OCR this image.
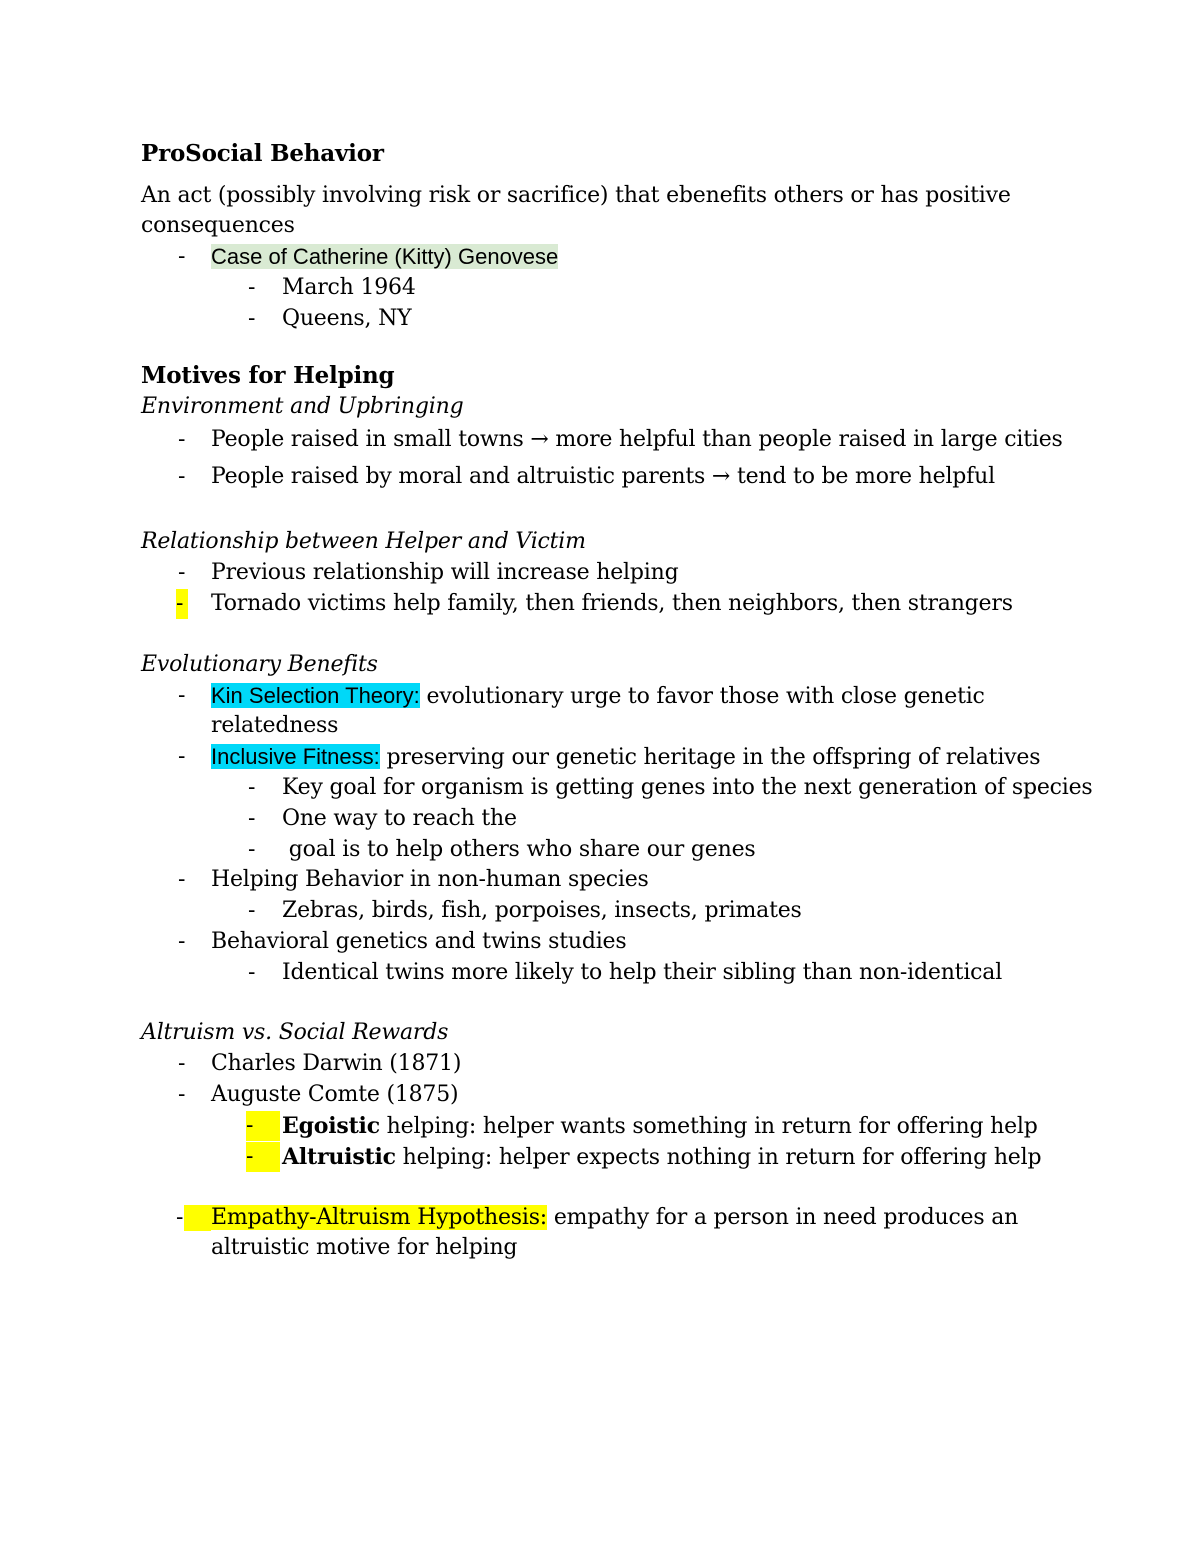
ProSocial Behavior
An act (possibly involving risk or sacrifice) that ebenefits others or has positive
consequences
- Case of Catherine (Kitty) Genovese
- March 1964
- Queens, NY
Motives for Helping
Environment and Upbringing
- People raised in small towns → more helpful than people raised in large cities
- People raised by moral and altruistic parents → tend to be more helpful
Relationship between Helper and Victim
- Previous relationship will increase helping
- Tornado victims help family, then friends, then neighbors, then strangers
Evolutionary Benefits
- Kin Selection Theory: evolutionary urge to favor those with close genetic
relatedness
- Inclusive Fitness: preserving our genetic heritage in the offspring of relatives
- Key goal for organism is getting genes into the next generation of species
- One way to reach the
- goal is to help others who share our genes
- Helping Behavior in non-human species
- Zebras, birds, fish, porpoises, insects, primates
- Behavioral genetics and twins studies
- Identical twins more likely to help their sibling than non-identical
Altruism vs. Social Rewards
- Charles Darwin (1871)
- Auguste Comte (1875)
-	Egoistic helping: helper wants something in return for offering help
-	Altruistic helping: helper expects nothing in return for offering help
- Empathy-Altruism Hypothesis: empathy for a person in need produces an
altruistic motive for helping
